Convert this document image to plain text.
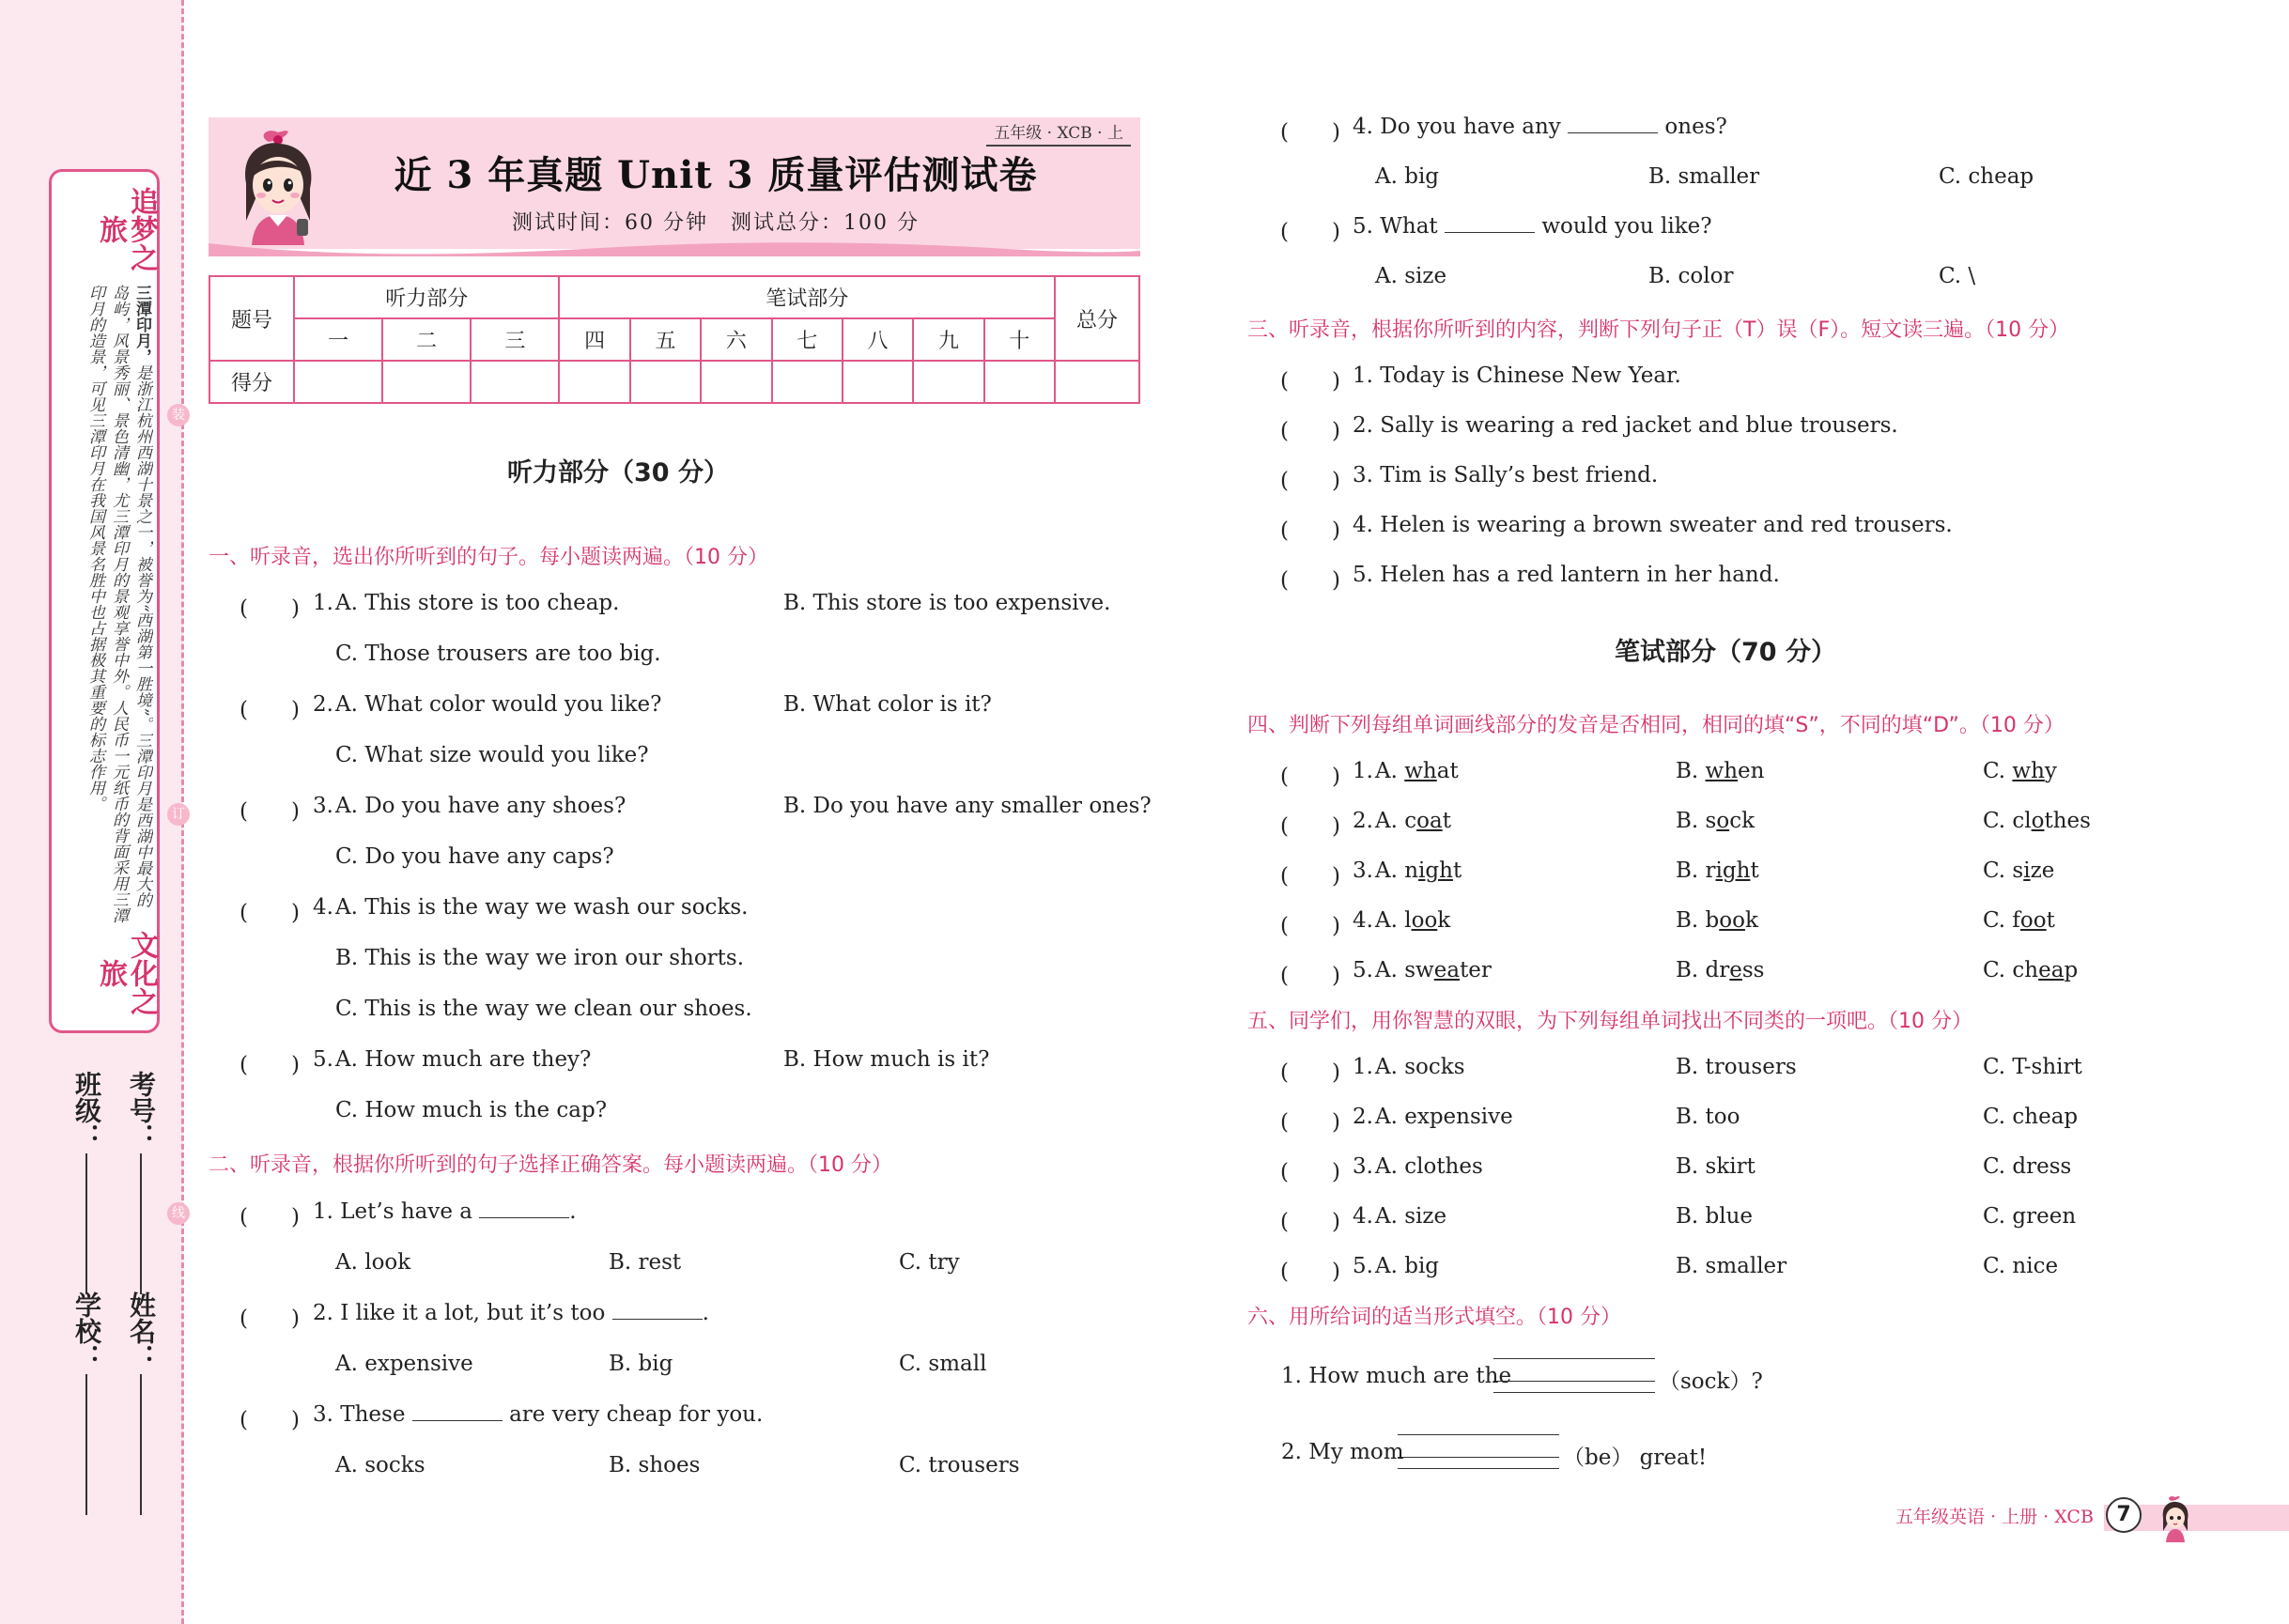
追梦之旅
三潭印月，是浙江杭州西湖十景之一，被誉为“西湖第一胜境”。三潭印月是西湖中最大的岛屿，风景秀丽、景色清幽，尤三潭印月的景观享誉中外。人民币一元纸币的背面采用三潭印月的造景，可见三潭印月在我国风景名胜中也占据极其重要的标志作用。
文化之旅
装
订
线
班级： 考号：
学校： 姓名：
五年级 · XCB · 上
近 3 年真题 Unit 3 质量评估测试卷
测试时间：60 分钟　测试总分：100 分
题号	听力部分			笔试部分							总分
	一	二	三	四	五	六	七	八	九	十	
得分											
听力部分（30 分）
一、听录音，选出你所听到的句子。每小题读两遍。（10 分）
(　　) 1. A. This store is too cheap.	B. This store is too expensive.
C. Those trousers are too big.
(　　) 2. A. What color would you like?	B. What color is it?
C. What size would you like?
(　　) 3. A. Do you have any shoes?	B. Do you have any smaller ones?
C. Do you have any caps?
(　　) 4. A. This is the way we wash our socks.
B. This is the way we iron our shorts.
C. This is the way we clean our shoes.
(　　) 5. A. How much are they?	B. How much is it?
C. How much is the cap?
二、听录音，根据你所听到的句子选择正确答案。每小题读两遍。（10 分）
(　　) 1. Let’s have a	.
A. look	B. rest	C. try
(　　) 2. I like it a lot, but it’s too	.
A. expensive	B. big	C. small
(　　) 3. These	are very cheap for you.
A. socks	B. shoes	C. trousers
(　　) 4. Do you have any	ones?
A. big	B. smaller	C. cheap
(　　) 5. What	would you like?
A. size	B. color	C. \
三、听录音，根据你所听到的内容，判断下列句子正（T）误（F）。短文读三遍。（10 分）
(　　) 1. Today is Chinese New Year.
(　　) 2. Sally is wearing a red jacket and blue trousers.
(　　) 3. Tim is Sally’s best friend.
(　　) 4. Helen is wearing a brown sweater and red trousers.
(　　) 5. Helen has a red lantern in her hand.
笔试部分（70 分）
四、判断下列每组单词画线部分的发音是否相同，相同的填“S”，不同的填“D”。（10 分）
(　　) 1. A. what	B. when	C. why
(　　) 2. A. coat	B. sock	C. clothes
(　　) 3. A. night	B. right	C. size
(　　) 4. A. look	B. book	C. foot
(　　) 5. A. sweater	B. dress	C. cheap
五、同学们，用你智慧的双眼，为下列每组单词找出不同类的一项吧。（10 分）
(　　) 1. A. socks	B. trousers	C. T-shirt
(　　) 2. A. expensive	B. too	C. cheap
(　　) 3. A. clothes	B. skirt	C. dress
(　　) 4. A. size	B. blue	C. green
(　　) 5. A. big	B. smaller	C. nice
六、用所给词的适当形式填空。（10 分）
1. How much are the	（sock）?
2. My mom	（be） great!
五年级英语 · 上册 · XCB	7
